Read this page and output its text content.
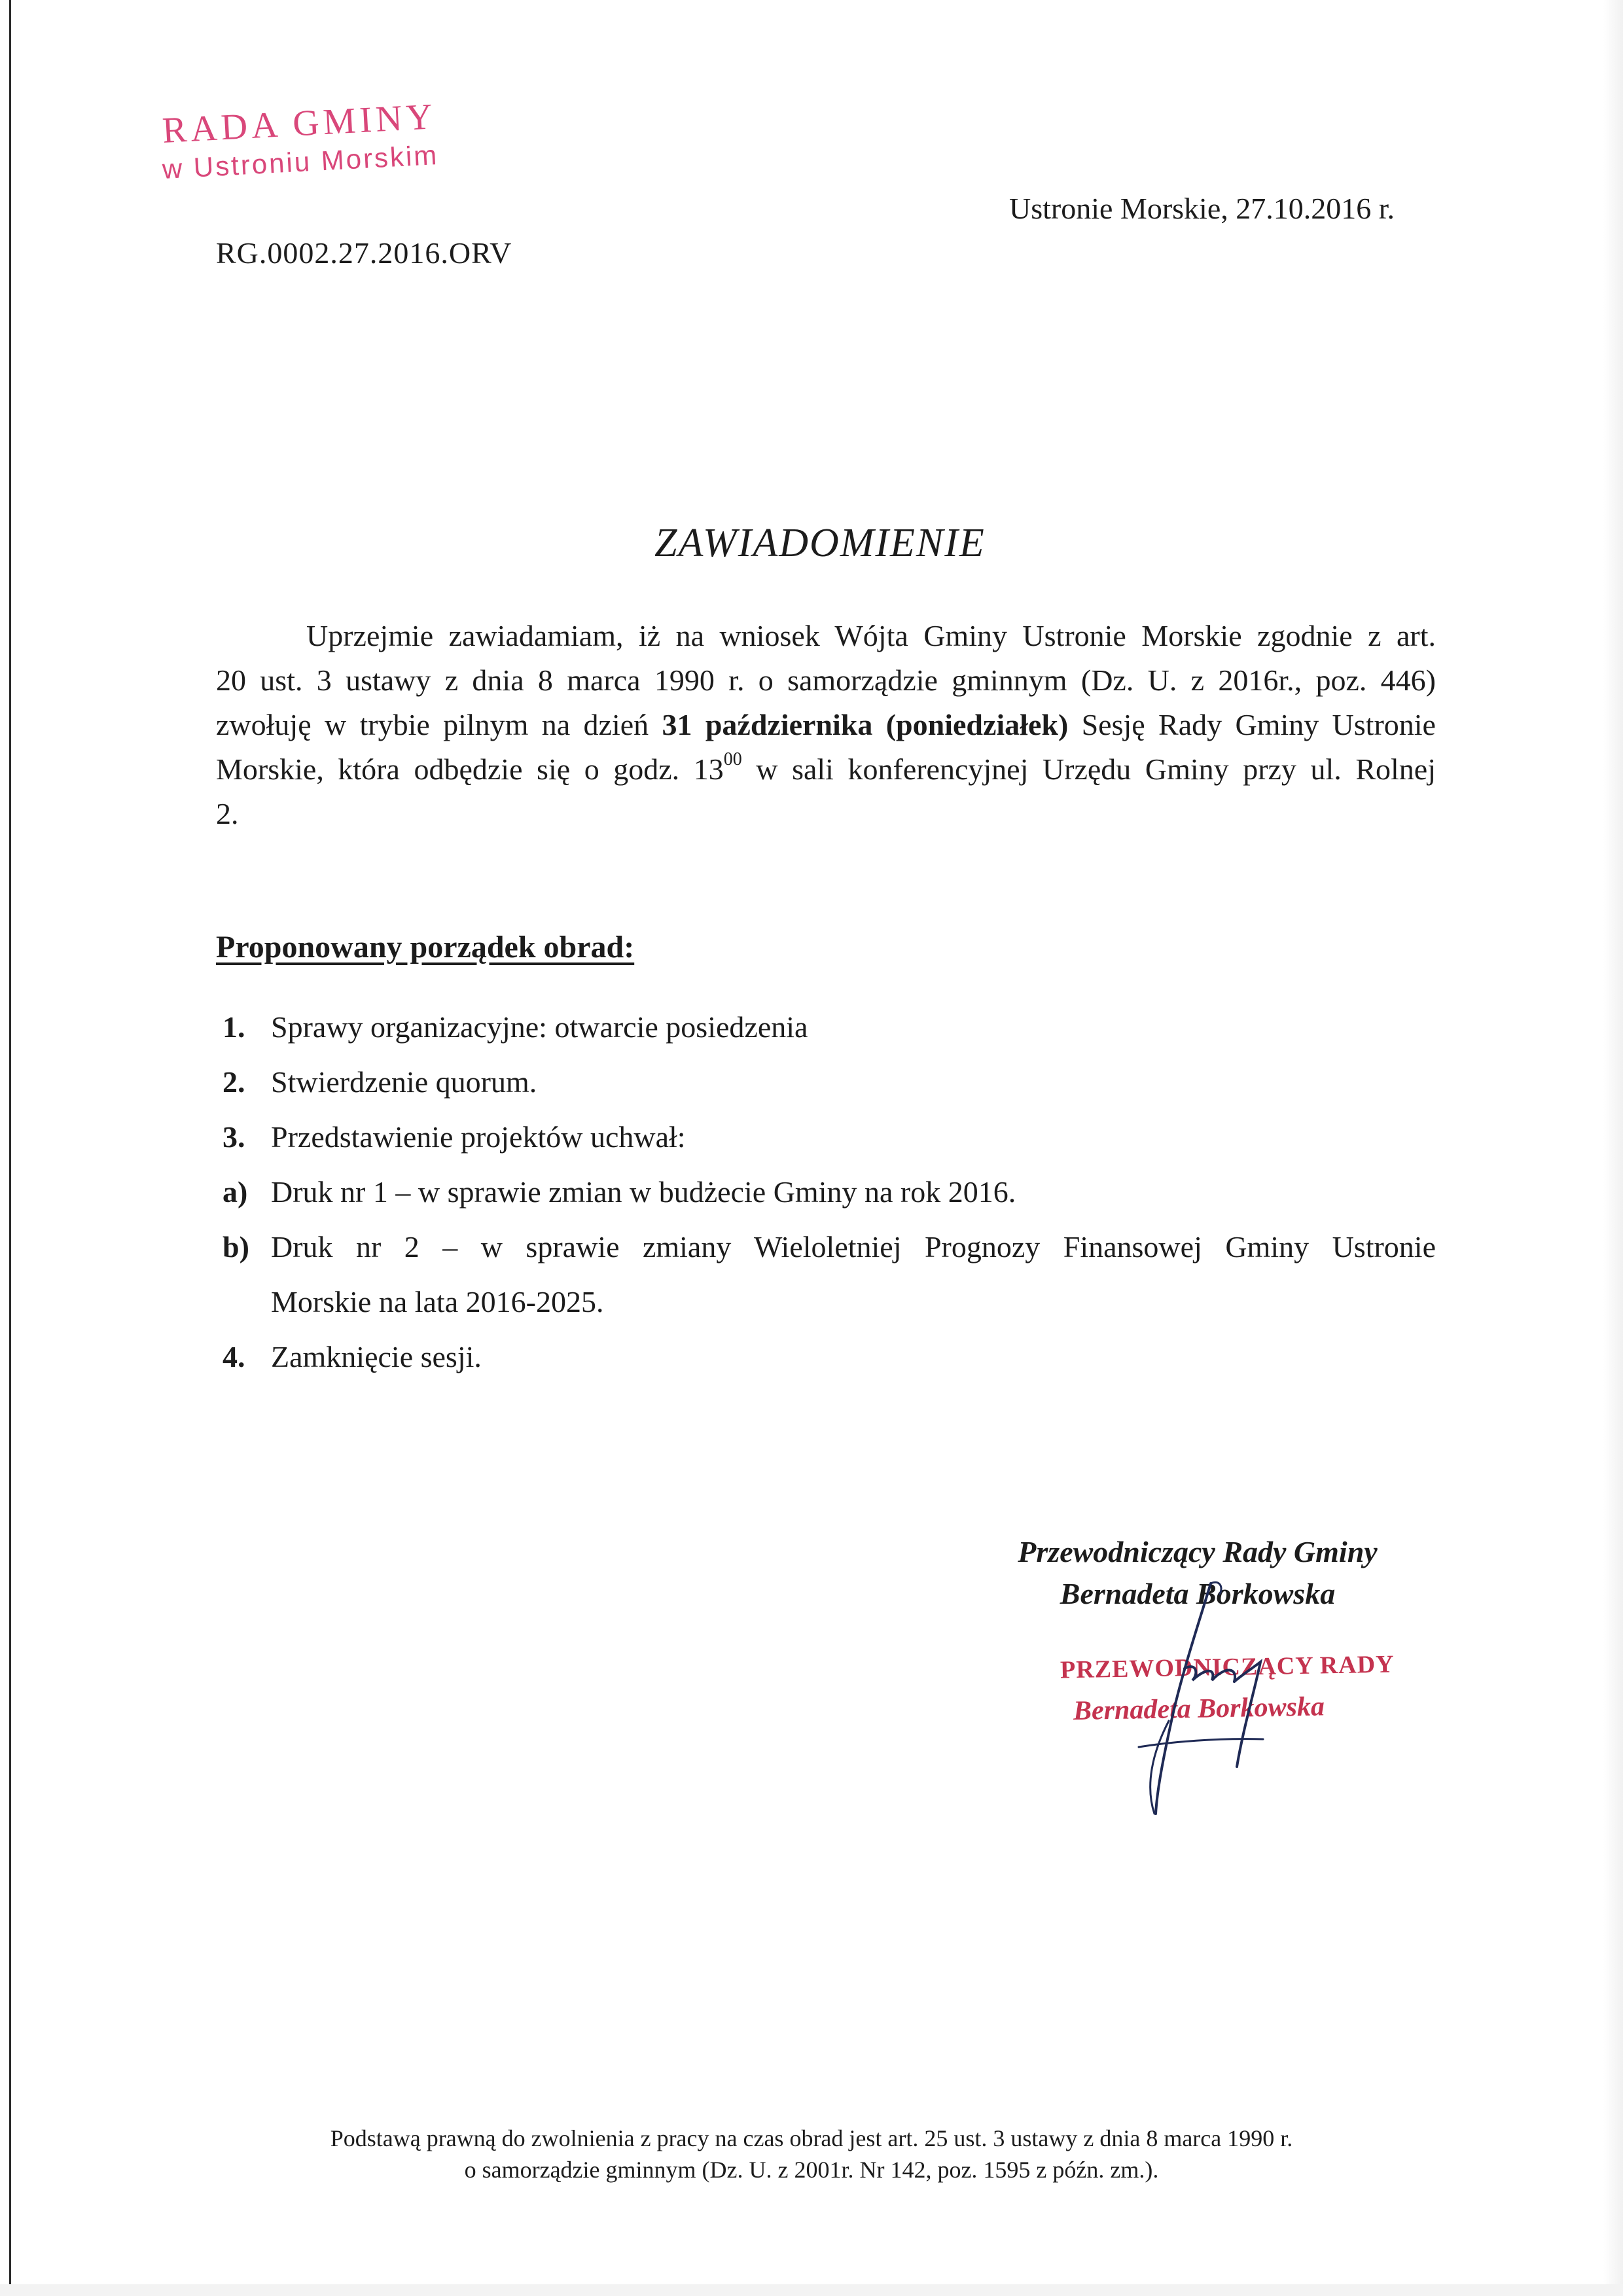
RADA GMINY
w Ustroniu Morskim
Ustronie Morskie, 27.10.2016 r.
RG.0002.27.2016.ORV
ZAWIADOMIENIE
Uprzejmie zawiadamiam, iż na wniosek Wójta Gminy Ustronie Morskie zgodnie z art.
20 ust. 3 ustawy z dnia 8 marca 1990 r. o samorządzie gminnym (Dz. U. z 2016r., poz. 446)
zwołuję w trybie pilnym na dzień 31 października (poniedziałek) Sesję Rady Gminy Ustronie
Morskie, która odbędzie się o godz. $13^{00}$ w sali konferencyjnej Urzędu Gminy przy ul. Rolnej
2.
Proponowany porządek obrad:
1. Sprawy organizacyjne: otwarcie posiedzenia
2. Stwierdzenie quorum.
3. Przedstawienie projektów uchwał:
a) Druk nr 1 – w sprawie zmian w budżecie Gminy na rok 2016.
b) Druk nr 2 – w sprawie zmiany Wieloletniej Prognozy Finansowej Gminy Ustronie
Morskie na lata 2016-2025.
4. Zamknięcie sesji.
Przewodniczący Rady Gminy
Bernadeta Borkowska
PRZEWODNICZĄCY RADY
Bernadeta Borkowska
Podstawą prawną do zwolnienia z pracy na czas obrad jest art. 25 ust. 3 ustawy z dnia 8 marca 1990 r.
o samorządzie gminnym (Dz. U. z 2001r. Nr 142, poz. 1595 z późn. zm.).
